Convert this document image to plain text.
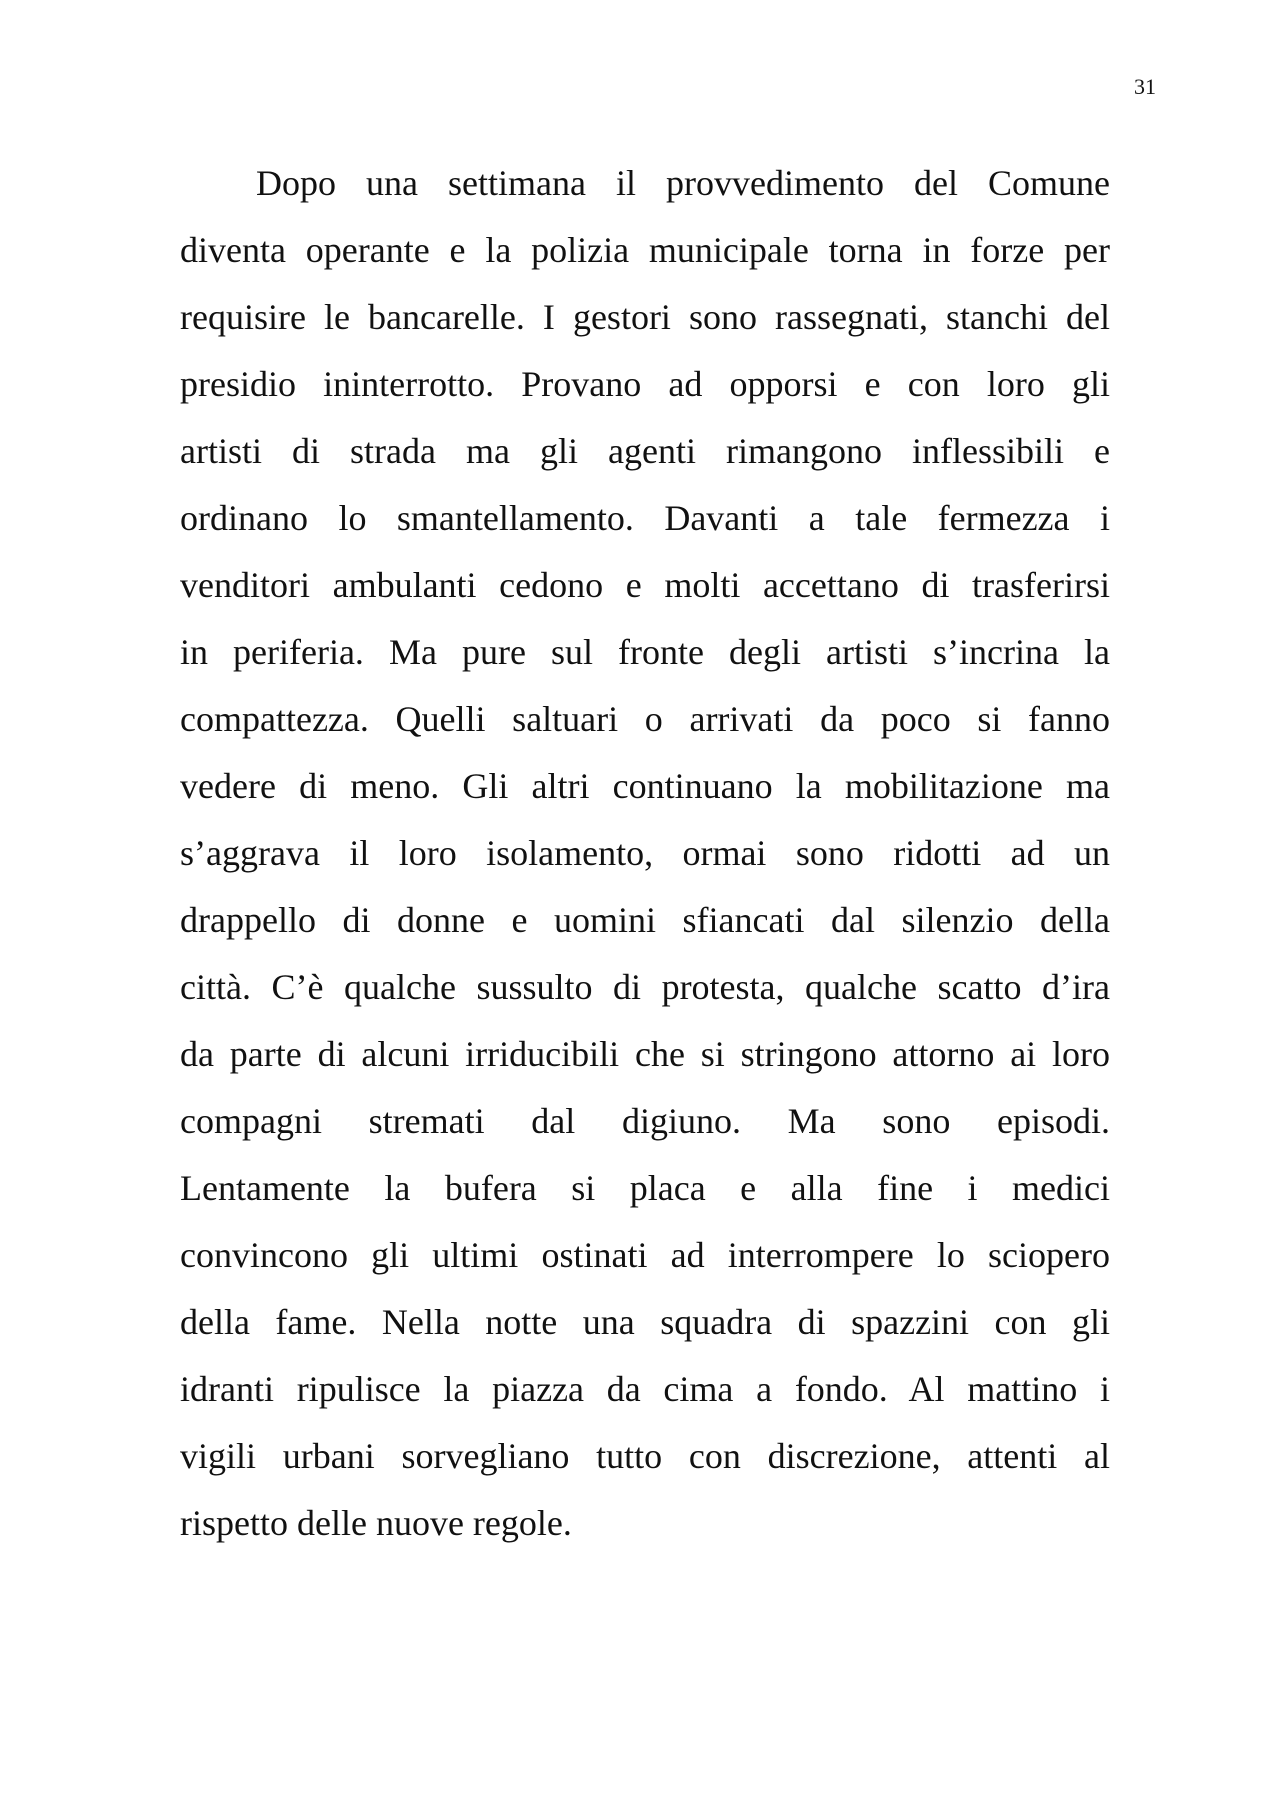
31
Dopo una settimana il provvedimento del Comune
diventa operante e la polizia municipale torna in forze per
requisire le bancarelle. I gestori sono rassegnati, stanchi del
presidio ininterrotto. Provano ad opporsi e con loro gli
artisti di strada ma gli agenti rimangono inflessibili e
ordinano lo smantellamento. Davanti a tale fermezza i
venditori ambulanti cedono e molti accettano di trasferirsi
in periferia. Ma pure sul fronte degli artisti s’incrina la
compattezza. Quelli saltuari o arrivati da poco si fanno
vedere di meno. Gli altri continuano la mobilitazione ma
s’aggrava il loro isolamento, ormai sono ridotti ad un
drappello di donne e uomini sfiancati dal silenzio della
città. C’è qualche sussulto di protesta, qualche scatto d’ira
da parte di alcuni irriducibili che si stringono attorno ai loro
compagni stremati dal digiuno. Ma sono episodi.
Lentamente la bufera si placa e alla fine i medici
convincono gli ultimi ostinati ad interrompere lo sciopero
della fame. Nella notte una squadra di spazzini con gli
idranti ripulisce la piazza da cima a fondo. Al mattino i
vigili urbani sorvegliano tutto con discrezione, attenti al
rispetto delle nuove regole.
